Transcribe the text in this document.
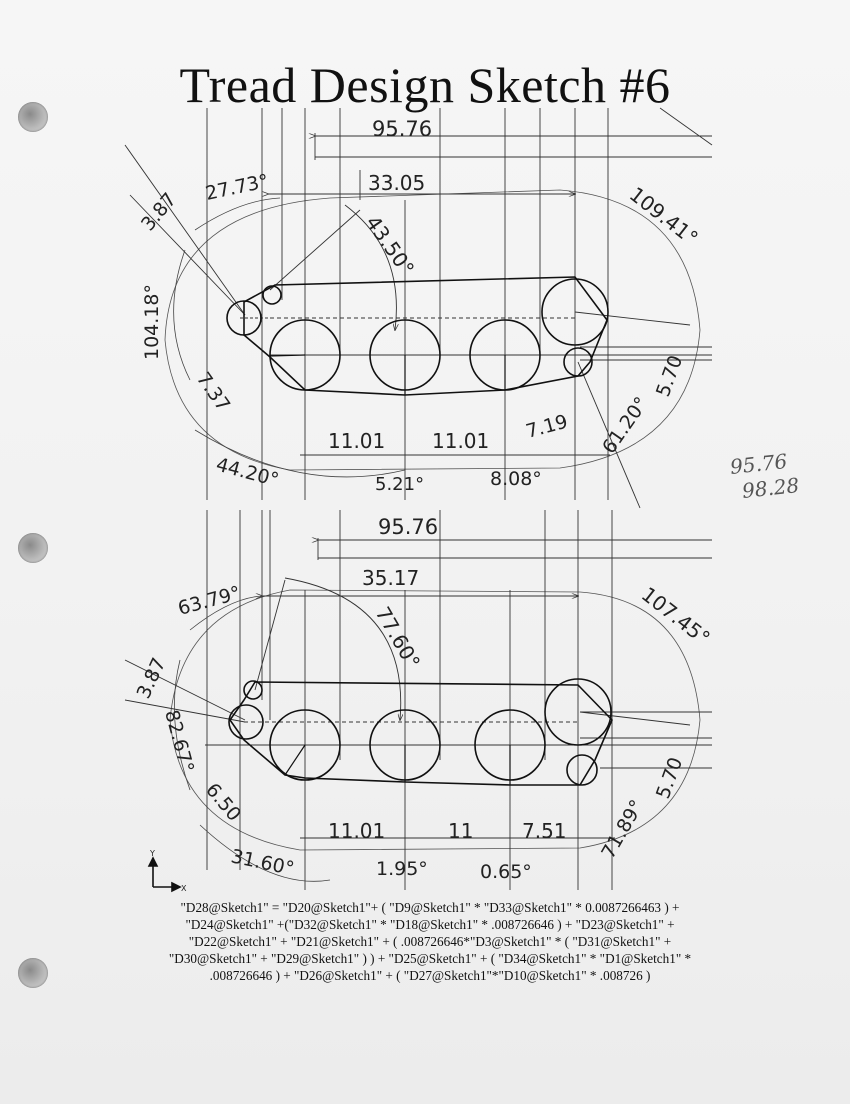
Tread Design Sketch #6
95.76
33.05
27.73°
43.50°	109.41°
3.87
104.18°
7.37
44.20°
11.01 11.01
5.21°	8.08°
7.19 61.20°
5.70
95.76
35.17
63.79°
77.60°	107.45°
3.87
82.67°
6.50
31.60°
11.01	11 7.51
1.95°	0.65°
71.89°
5.70
Y
X
95.76
98.28
"D28@Sketch1" = "D20@Sketch1"+ ( "D9@Sketch1" * "D33@Sketch1" * 0.0087266463 ) +
"D24@Sketch1" +("D32@Sketch1" * "D18@Sketch1" * .008726646 ) + "D23@Sketch1" +
"D22@Sketch1" + "D21@Sketch1" + ( .008726646*"D3@Sketch1" * ( "D31@Sketch1" +
"D30@Sketch1" + "D29@Sketch1" ) ) + "D25@Sketch1" + ( "D34@Sketch1" * "D1@Sketch1" *
.008726646 ) + "D26@Sketch1" + ( "D27@Sketch1"*"D10@Sketch1" * .008726 )
